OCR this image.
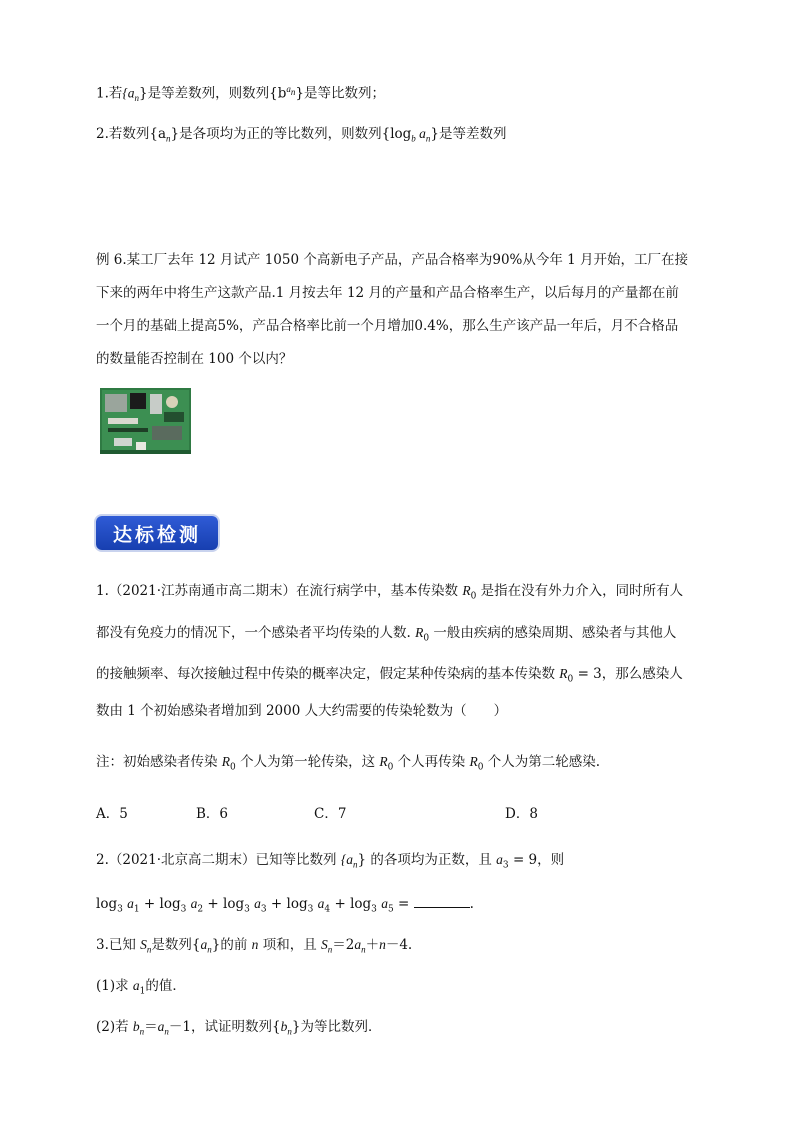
1.若$\{a_n\}$是等差数列，则数列$\{b^{a_n}\}$是等比数列；
2.若数列$\{a_n\}$是各项均为正的等比数列，则数列{$\log_b$ $a_n$}是等差数列
例 6.某工厂去年 12 月试产 1050 个高新电子产品，产品合格率为90%从今年 1 月开始，工厂在接
下来的两年中将生产这款产品.1 月按去年 12 月的产量和产品合格率生产，以后每月的产量都在前
一个月的基础上提高5%，产品合格率比前一个月增加0.4%，那么生产该产品一年后，月不合格品
的数量能否控制在 100 个以内？
达标检测
1.（2021·江苏南通市高二期末）在流行病学中，基本传染数 $R_0$ 是指在没有外力介入，同时所有人
都没有免疫力的情况下，一个感染者平均传染的人数. $R_0$ 一般由疾病的感染周期、感染者与其他人
的接触频率、每次接触过程中传染的概率决定，假定某种传染病的基本传染数 $R_0 = 3$，那么感染人
数由 1 个初始感染者增加到 2000 人大约需要的传染轮数为（　　）
注：初始感染者传染 $R_0$ 个人为第一轮传染，这 $R_0$ 个人再传染 $R_0$ 个人为第二轮感染.
A．5	B．6	C．7	D．8
2.（2021·北京高二期末）已知等比数列 $\{a_n\}$ 的各项均为正数，且 $a_3 = 9$，则
$\log_3 a_1 + \log_3 a_2 + \log_3 a_3 + \log_3 a_4 + \log_3 a_5$ =	.
3.已知 $S_n$是数列$\{a_n\}$的前 n 项和，且 $S_n=2a_n+n-4$.
(1)求 $a_1$的值．
(2)若 $b_n=a_n-1$，试证明数列$\{b_n\}$为等比数列．
